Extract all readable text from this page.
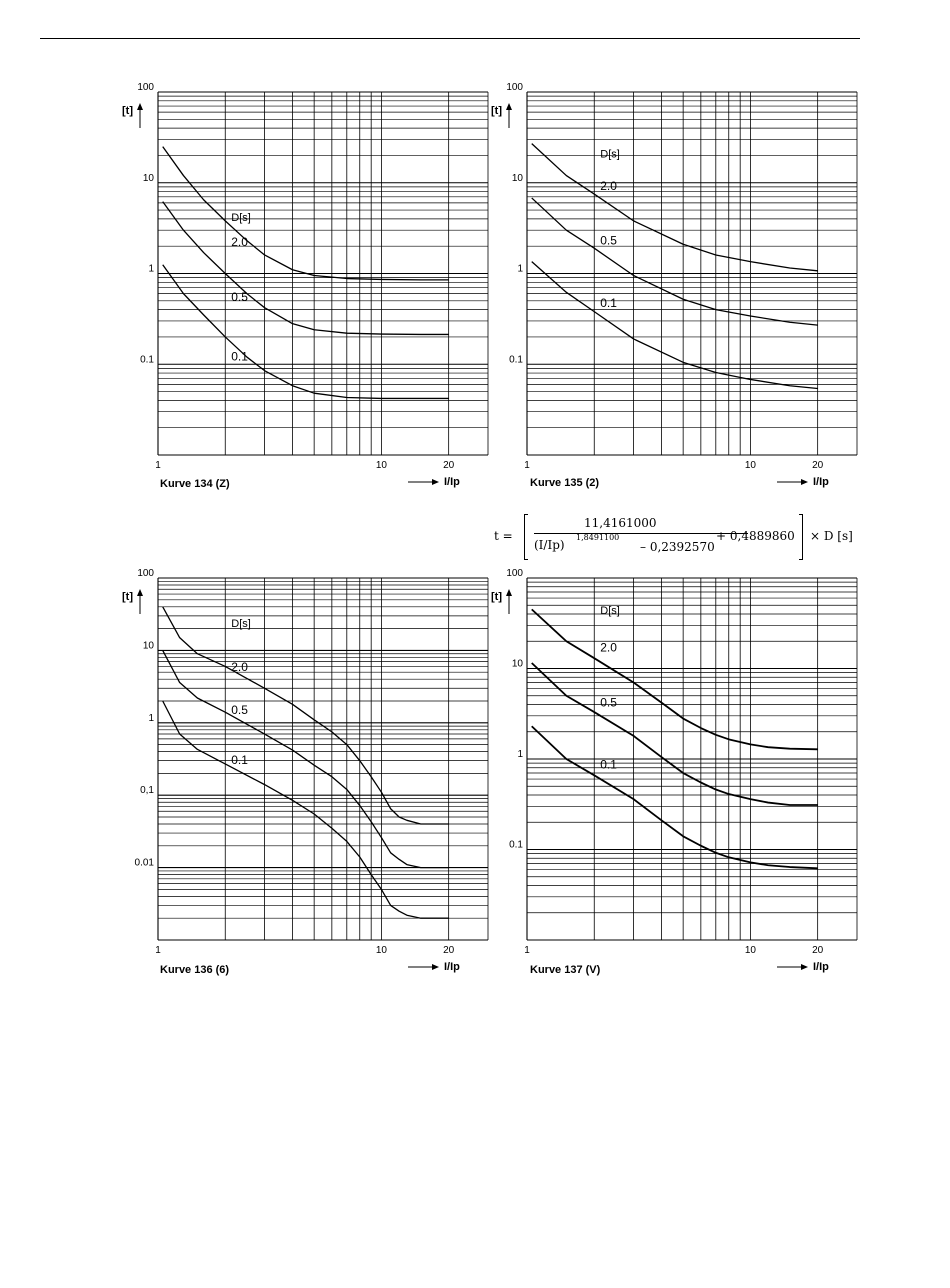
100
10
1
0.1
1	10	20
[t]
I/Ip
D[s]
2.0
0.5
0.1
100
10
1
0.1
1	10	20
[t]
I/Ip
D[s]
2.0
0.5
0.1
100
10
1
0,1
0.01
1	10	20
[t]
I/Ip
D[s]
2.0
0.5
0.1
100
10
1
0.1
1	10	20
[t]
I/Ip
D[s]
2.0
0.5
0.1
t =
11,4161000
(I/Ip)
1,8491100
– 0,2392570
+ 0,4889860 × D [s]
Kurve 134 (Z)	Kurve 135 (2)
Kurve 136 (6)	Kurve 137 (V)
